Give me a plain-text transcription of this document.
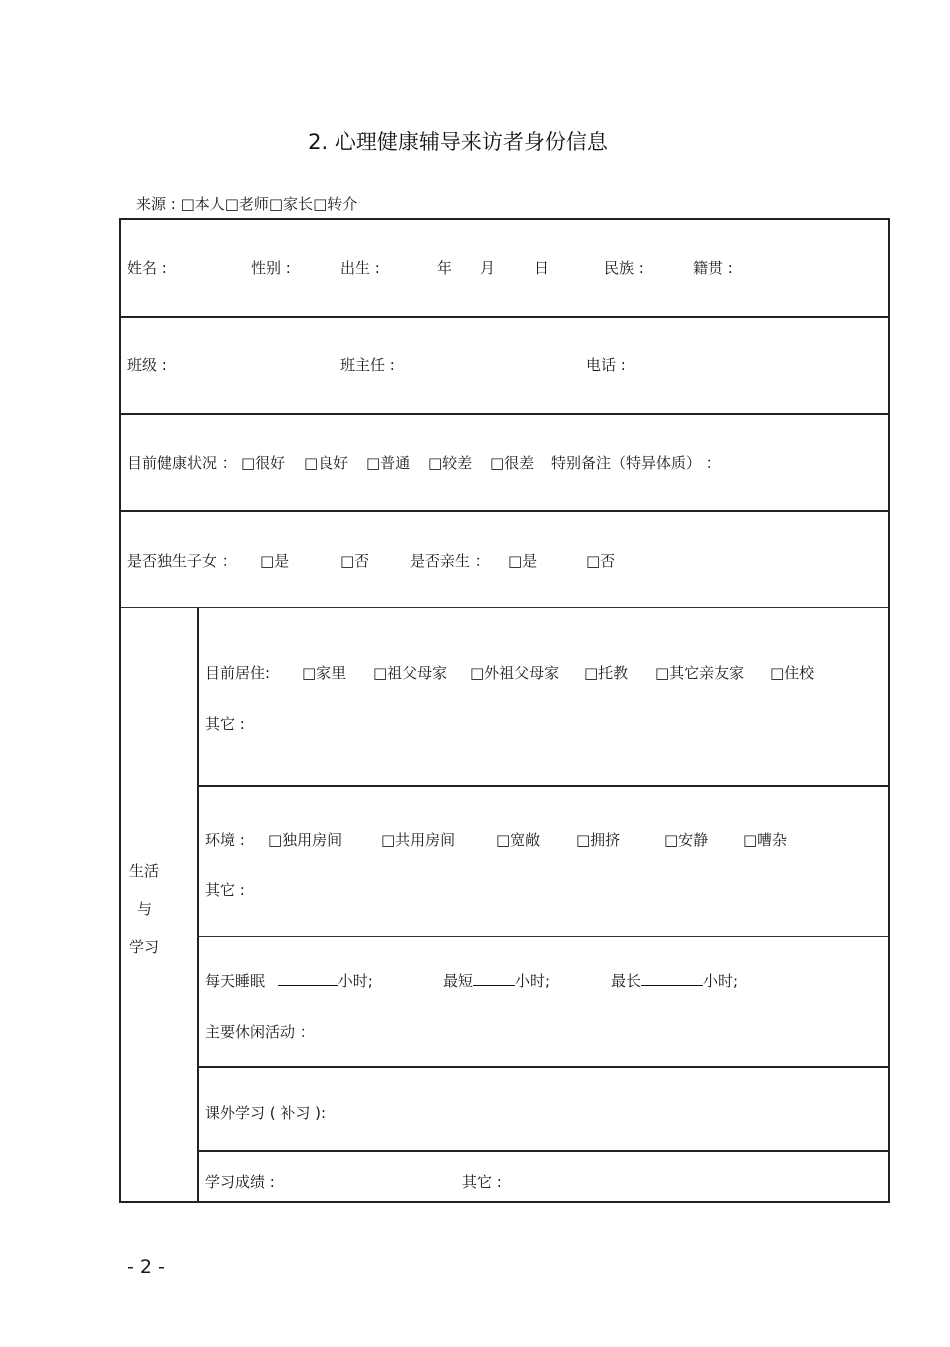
2. 心理健康辅导来访者身份信息
来源 : □本人□老师□家长□转介
姓名 :	性别 :	出生 :	年 月	日	民族 :	籍贯 :
班级 :	班主任 :	电话 :
目前健康状况 ： □很好 □良好 □普通 □较差 □很差 特别备注（特异体质） ：
是否独生子女 ： □是	□否	是否亲生 ： □是	□否
生活
与
学习
目前居住: □家里 □祖父母家 □外祖父母家 □托教 □其它亲友家 □住校
其它 :
环境 : □独用房间	□共用房间	□宽敞 □拥挤	□安静 □嘈杂
其它 :
每天睡眠	小时;	最短	小时;	最长	小时;
主要休闲活动 ：
课外学习 ( 补习 ):
学习成绩 :	其它 :
- 2 -
